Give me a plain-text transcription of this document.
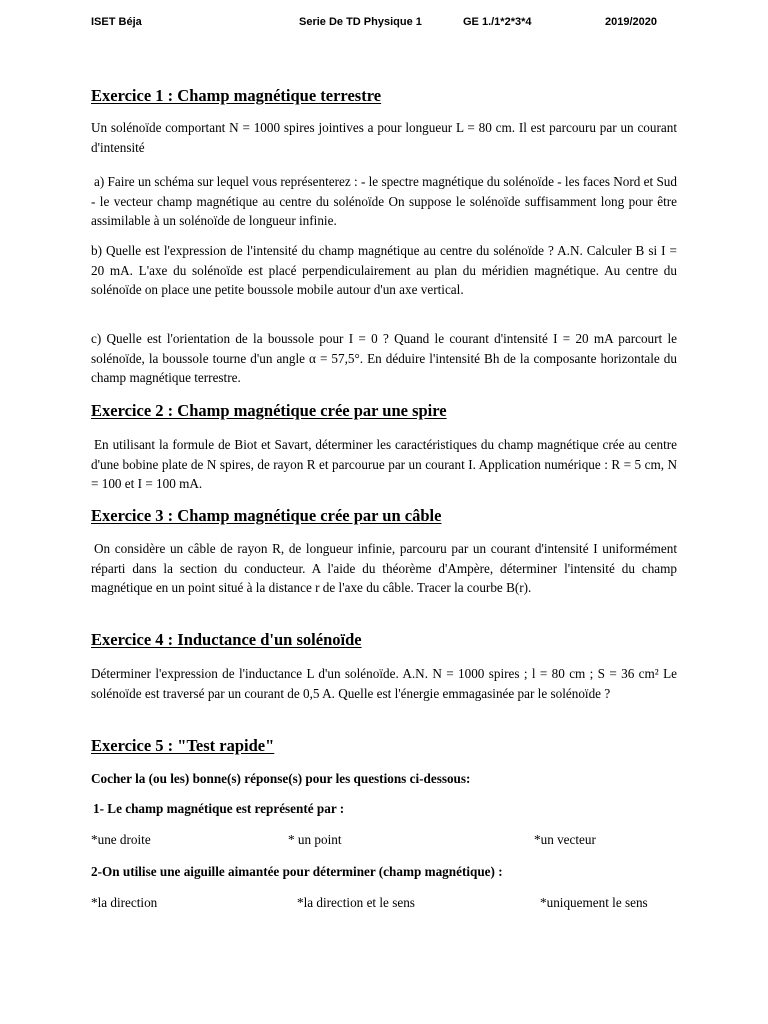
ISET Béja	Serie De TD Physique 1	GE 1./1*2*3*4	2019/2020
Exercice 1 : Champ magnétique terrestre

Un solénoïde comportant N = 1000 spires jointives a pour longueur L = 80 cm. Il est parcouru par un courant d'intensité

a) Faire un schéma sur lequel vous représenterez : - le spectre magnétique du solénoïde - les faces Nord et Sud - le vecteur champ magnétique au centre du solénoïde On suppose le solénoïde suffisamment long pour être assimilable à un solénoïde de longueur infinie.

b) Quelle est l'expression de l'intensité du champ magnétique au centre du solénoïde ? A.N. Calculer B si I = 20 mA. L'axe du solénoïde est placé perpendiculairement au plan du méridien magnétique. Au centre du solénoïde on place une petite boussole mobile autour d'un axe vertical.

c) Quelle est l'orientation de la boussole pour I = 0 ? Quand le courant d'intensité I = 20 mA parcourt le solénoïde, la boussole tourne d'un angle α = 57,5°. En déduire l'intensité Bh de la composante horizontale du champ magnétique terrestre.

Exercice 2 : Champ magnétique crée par une spire

En utilisant la formule de Biot et Savart, déterminer les caractéristiques du champ magnétique crée au centre d'une bobine plate de N spires, de rayon R et parcourue par un courant I. Application numérique : R = 5 cm, N = 100 et I = 100 mA.

Exercice 3 : Champ magnétique crée par un câble

On considère un câble de rayon R, de longueur infinie, parcouru par un courant d'intensité I uniformément réparti dans la section du conducteur. A l'aide du théorème d'Ampère, déterminer l'intensité du champ magnétique en un point situé à la distance r de l'axe du câble. Tracer la courbe B(r).

Exercice 4 : Inductance d'un solénoïde

Déterminer l'expression de l'inductance L d'un solénoïde. A.N. N = 1000 spires ; l = 80 cm ; S = 36 cm² Le solénoïde est traversé par un courant de 0,5 A. Quelle est l'énergie emmagasinée par le solénoïde ?

Exercice 5 : "Test rapide"
Cocher la (ou les) bonne(s) réponse(s) pour les questions ci-dessous:
1- Le champ magnétique est représenté par :
*une droite	* un point	*un vecteur
2-On utilise une aiguille aimantée pour déterminer (champ magnétique) :
*la direction	*la direction et le sens	*uniquement le sens
